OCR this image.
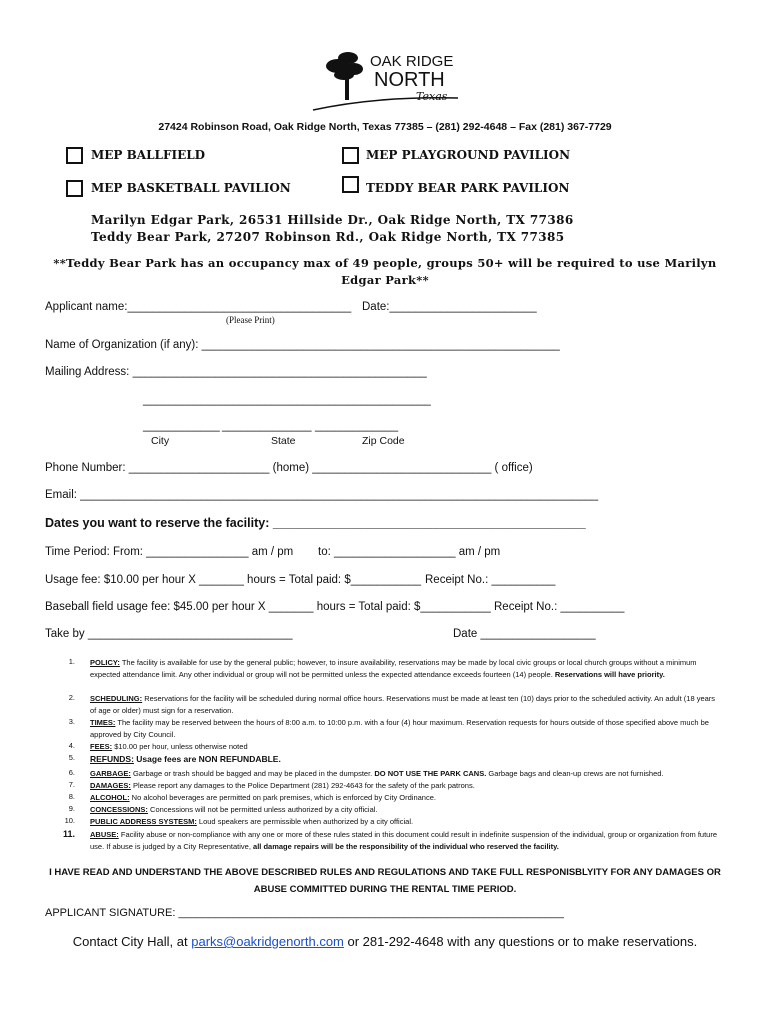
OAK RIDGE
NORTH
Texas
27424 Robinson Road, Oak Ridge North, Texas 77385 – (281) 292-4648 – Fax (281) 367-7729
MEP BALLFIELD	MEP PLAYGROUND PAVILION
MEP BASKETBALL PAVILION	TEDDY BEAR PARK PAVILION
Marilyn Edgar Park, 26531 Hillside Dr., Oak Ridge North, TX 77386
Teddy Bear Park, 27207 Robinson Rd., Oak Ridge North, TX 77385
**Teddy Bear Park has an occupancy max of 49 people, groups 50+ will be required to use Marilyn Edgar Park**
Applicant name:___________________________________ Date:_______________________
(Please Print)
Name of Organization (if any): ________________________________________________________
Mailing Address: ______________________________________________
_____________________________________________
____________ ______________ _____________
City	State	Zip Code
Phone Number: ______________________ (home) ____________________________ ( office)
Email: _________________________________________________________________________________
Dates you want to reserve the facility: _____________________________________________
Time Period: From: ________________ am / pm to: ___________________ am / pm
Usage fee: $10.00 per hour X _______ hours = Total paid: $___________ Receipt No.: __________
Baseball field usage fee: $45.00 per hour X _______ hours = Total paid: $___________ Receipt No.: __________
Take by ________________________________	Date __________________
1. POLICY: The facility is available for use by the general public; however, to insure availability, reservations may be made by local civic groups or local church groups without a minimum expected attendance limit. Any other individual or group will not be permitted unless the expected attendance exceeds fourteen (14) people. Reservations will have priority.
2. SCHEDULING: Reservations for the facility will be scheduled during normal office hours. Reservations must be made at least ten (10) days prior to the scheduled activity. An adult (18 years of age or older) must sign for a reservation.
3. TIMES: The facility may be reserved between the hours of 8:00 a.m. to 10:00 p.m. with a four (4) hour maximum. Reservation requests for hours outside of those specified above much be approved by City Council.
4. FEES: $10.00 per hour, unless otherwise noted
5. REFUNDS: Usage fees are NON REFUNDABLE.
6. GARBAGE: Garbage or trash should be bagged and may be placed in the dumpster. DO NOT USE THE PARK CANS. Garbage bags and clean-up crews are not furnished.
7. DAMAGES: Please report any damages to the Police Department (281) 292-4643 for the safety of the park patrons.
8. ALCOHOL: No alcohol beverages are permitted on park premises, which is enforced by City Ordinance.
9. CONCESSIONS: Concessions will not be permitted unless authorized by a city official.
10. PUBLIC ADDRESS SYSTESM: Loud speakers are permissible when authorized by a city official.
11. ABUSE: Facility abuse or non-compliance with any one or more of these rules stated in this document could result in indefinite suspension of the individual, group or organization from future use. If abuse is judged by a City Representative, all damage repairs will be the responsibility of the individual who reserved the facility.
I HAVE READ AND UNDERSTAND THE ABOVE DESCRIBED RULES AND REGULATIONS AND TAKE FULL RESPONISBLYITY FOR ANY DAMAGES OR ABUSE COMMITTED DURING THE RENTAL TIME PERIOD.
APPLICANT SIGNATURE: _______________________________________________________________
Contact City Hall, at parks@oakridgenorth.com or 281-292-4648 with any questions or to make reservations.
